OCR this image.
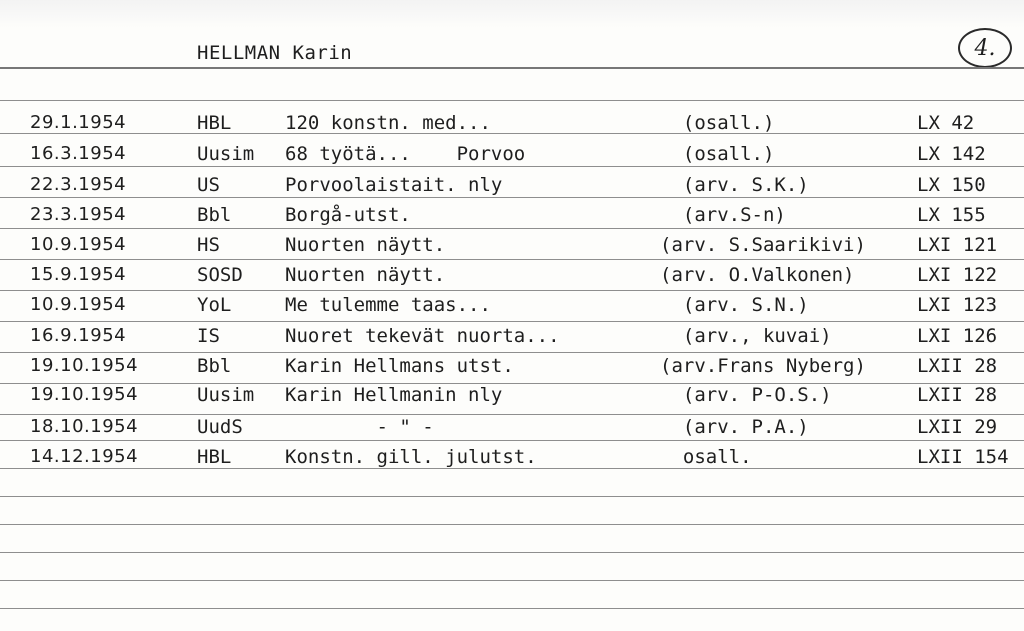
HELLMAN Karin	4.
29.1.1954	HBL	120 konstn. med...	(osall.)	LX 42
16.3.1954	Uusim 68 työtä...    Porvoo	(osall.)	LX 142
22.3.1954	US	Porvoolaistait. nly	(arv. S.K.)	LX 150
23.3.1954	Bbl	Borgå-utst.	(arv.S-n)	LX 155
10.9.1954	HS	Nuorten näytt.	(arv. S.Saarikivi)	LXI 121
15.9.1954	SOSD Nuorten näytt.	(arv. O.Valkonen)	LXI 122
10.9.1954	YoL	Me tulemme taas...	(arv. S.N.)	LXI 123
16.9.1954	IS	Nuoret tekevät nuorta...	(arv., kuvai)	LXI 126
19.10.1954	Bbl	Karin Hellmans utst.	(arv.Frans Nyberg)	LXII 28
19.10.1954	Uusim Karin Hellmanin nly	(arv. P-O.S.)	LXII 28
18.10.1954	UudS - " -	(arv. P.A.)	LXII 29
14.12.1954	HBL	Konstn. gill. julutst.	osall.	LXII 154
